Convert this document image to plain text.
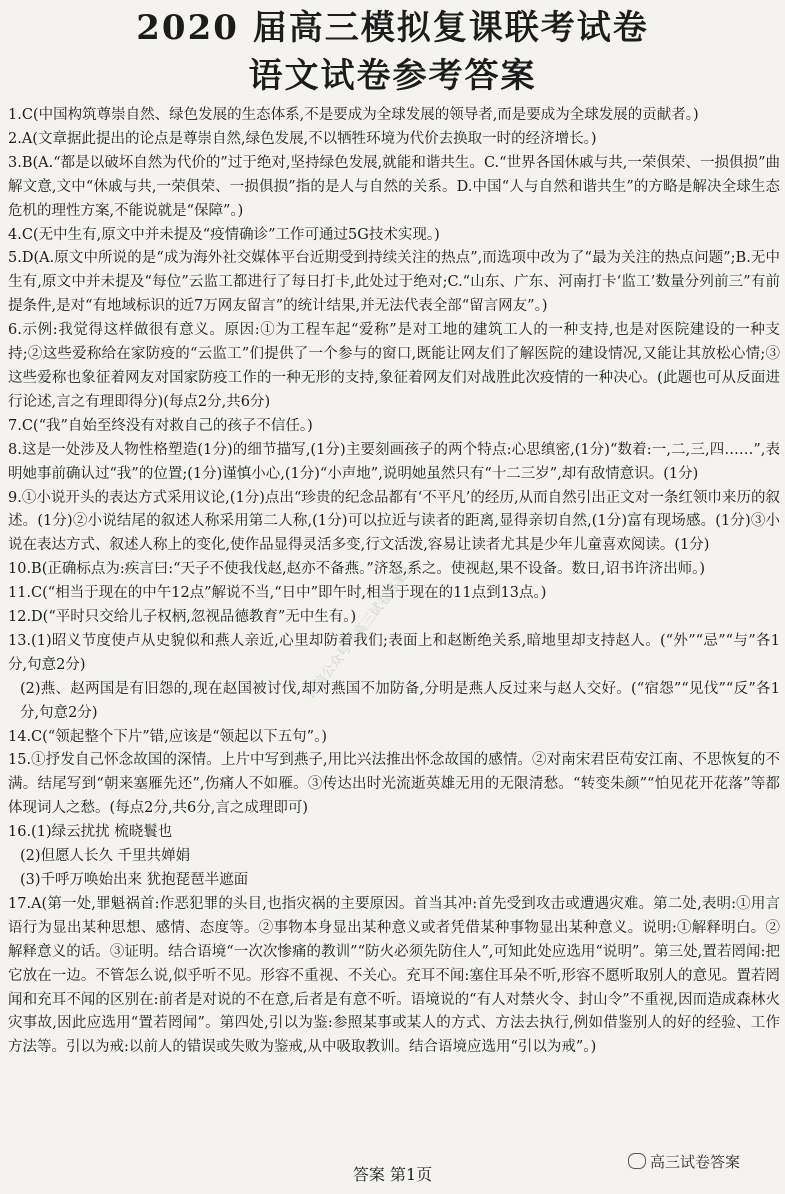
2020 届高三模拟复课联考试卷
语文试卷参考答案

1.C(中国构筑尊崇自然、绿色发展的生态体系,不是要成为全球发展的领导者,而是要成为全球发展的贡献者。)

2.A(文章据此提出的论点是尊崇自然,绿色发展,不以牺牲环境为代价去换取一时的经济增长。)

3.B(A.“都是以破坏自然为代价的”过于绝对,坚持绿色发展,就能和谐共生。C.“世界各国休戚与共,一荣俱荣、一损俱损”曲解文意,文中“休戚与共,一荣俱荣、一损俱损”指的是人与自然的关系。D.中国“人与自然和谐共生”的方略是解决全球生态危机的理性方案,不能说就是“保障”。)

4.C(无中生有,原文中并未提及“疫情确诊”工作可通过5G技术实现。)

5.D(A.原文中所说的是“成为海外社交媒体平台近期受到持续关注的热点”,而选项中改为了“最为关注的热点问题”;B.无中生有,原文中并未提及“每位”云监工都进行了每日打卡,此处过于绝对;C.“山东、广东、河南打卡‘监工’数量分列前三”有前提条件,是对“有地域标识的近7万网友留言”的统计结果,并无法代表全部“留言网友”。)

6.示例:我觉得这样做很有意义。原因:①为工程车起“爱称”是对工地的建筑工人的一种支持,也是对医院建设的一种支持;②这些爱称给在家防疫的“云监工”们提供了一个参与的窗口,既能让网友们了解医院的建设情况,又能让其放松心情;③这些爱称也象征着网友对国家防疫工作的一种无形的支持,象征着网友们对战胜此次疫情的一种决心。(此题也可从反面进行论述,言之有理即得分)(每点2分,共6分)

7.C(“我”自始至终没有对救自己的孩子不信任。)

8.这是一处涉及人物性格塑造(1分)的细节描写,(1分)主要刻画孩子的两个特点:心思缜密,(1分)“数着:一,二,三,四……”,表明她事前确认过“我”的位置;(1分)谨慎小心,(1分)“小声地”,说明她虽然只有“十二三岁”,却有敌情意识。(1分)

9.①小说开头的表达方式采用议论,(1分)点出“珍贵的纪念品都有‘不平凡’的经历,从而自然引出正文对一条红领巾来历的叙述。(1分)②小说结尾的叙述人称采用第二人称,(1分)可以拉近与读者的距离,显得亲切自然,(1分)富有现场感。(1分)③小说在表达方式、叙述人称上的变化,使作品显得灵活多变,行文活泼,容易让读者尤其是少年儿童喜欢阅读。(1分)

10.B(正确标点为:疾言曰:“天子不使我伐赵,赵亦不备燕。”济怒,系之。使视赵,果不设备。数日,诏书许济出师。)

11.C(“相当于现在的中午12点”解说不当,“日中”即午时,相当于现在的11点到13点。)

12.D(“平时只交给儿子权柄,忽视品德教育”无中生有。)

13.(1)昭义节度使卢从史貌似和燕人亲近,心里却防着我们;表面上和赵断绝关系,暗地里却支持赵人。(“外”“忌”“与”各1分,句意2分)

(2)燕、赵两国是有旧怨的,现在赵国被讨伐,却对燕国不加防备,分明是燕人反过来与赵人交好。(“宿怨”“见伐”“反”各1分,句意2分)

14.C(“领起整个下片”错,应该是“领起以下五句”。)

15.①抒发自己怀念故国的深情。上片中写到燕子,用比兴法推出怀念故国的感情。②对南宋君臣苟安江南、不思恢复的不满。结尾写到“朝来塞雁先还”,伤痛人不如雁。③传达出时光流逝英雄无用的无限清愁。“转变朱颜”“怕见花开花落”等都体现词人之愁。(每点2分,共6分,言之成理即可)

16.(1)绿云扰扰 梳晓鬟也

(2)但愿人长久 千里共婵娟

(3)千呼万唤始出来 犹抱琵琶半遮面

17.A(第一处,罪魁祸首:作恶犯罪的头目,也指灾祸的主要原因。首当其冲:首先受到攻击或遭遇灾难。第二处,表明:①用言语行为显出某种思想、感情、态度等。②事物本身显出某种意义或者凭借某种事物显出某种意义。说明:①解释明白。②解释意义的话。③证明。结合语境“一次次惨痛的教训”“防火必须先防住人”,可知此处应选用“说明”。第三处,置若罔闻:把它放在一边。不管怎么说,似乎听不见。形容不重视、不关心。充耳不闻:塞住耳朵不听,形容不愿听取别人的意见。置若罔闻和充耳不闻的区别在:前者是对说的不在意,后者是有意不听。语境说的“有人对禁火令、封山令”不重视,因而造成森林火灾事故,因此应选用“置若罔闻”。第四处,引以为鉴:参照某事或某人的方式、方法去执行,例如借鉴别人的好的经验、工作方法等。引以为戒:以前人的错误或失败为鉴戒,从中吸取教训。结合语境应选用“引以为戒”。)

微信公众号《高三试卷答案》
答案 第1页
高三试卷答案
